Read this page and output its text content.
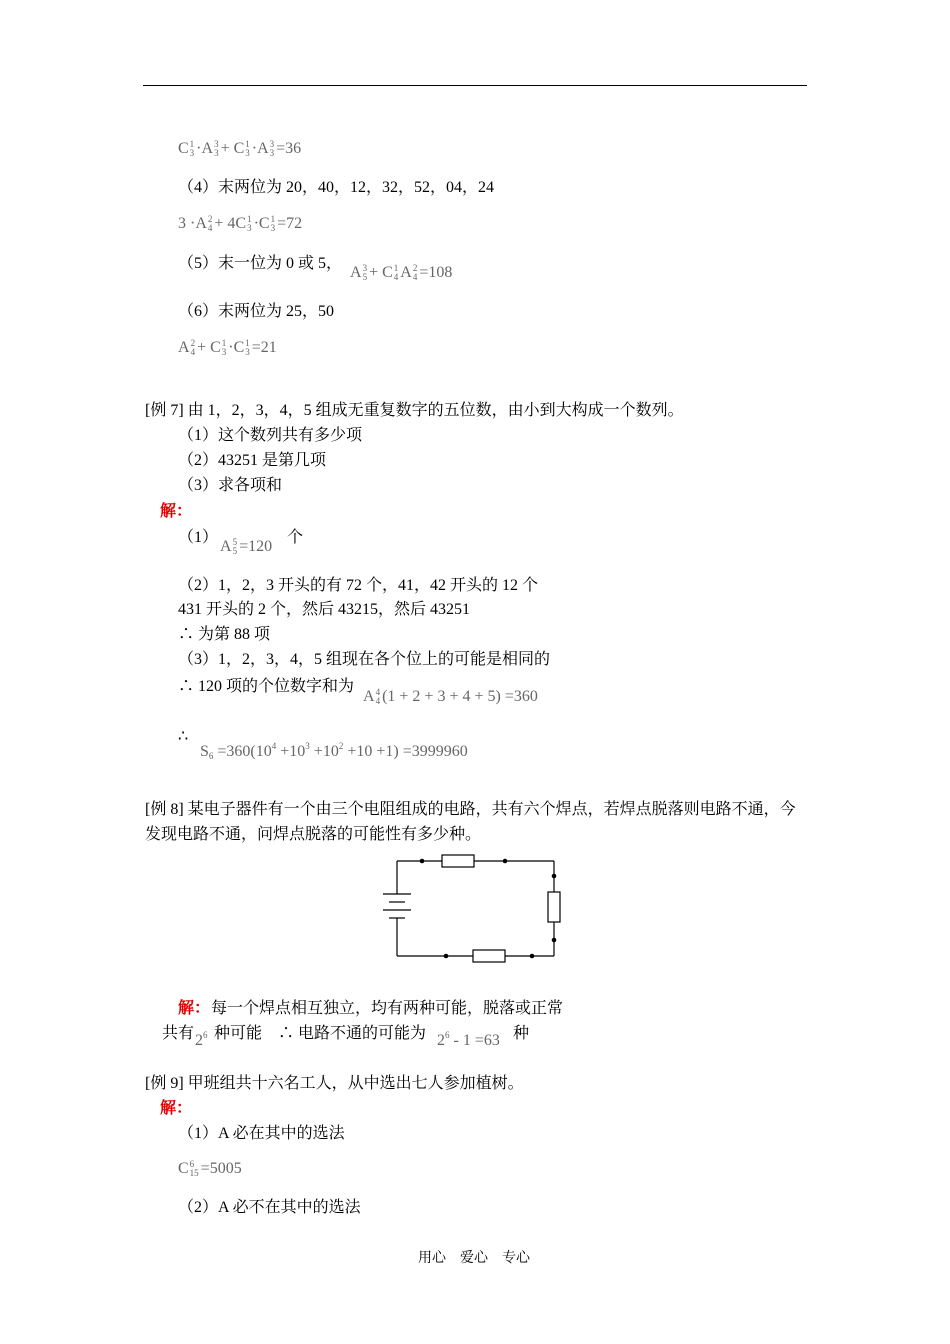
C 1
3 ·A 3
3 + C 1
3 ·A 3
3 =36
（4）末两位为 20，40，12，32，52，04，24
3 ·A 2
4 + 4C 1
3 ·C 1
3 =72
（5）末一位为 0 或 5，
A 3
5 + C 1
4 A 2
4 =108
（6）末两位为 25，50
A 2
4 + C 1
3 ·C 1
3 =21
[例 7] 由 1，2，3，4，5 组成无重复数字的五位数，由小到大构成一个数列。
（1）这个数列共有多少项
（2）43251 是第几项
（3）求各项和
解：
（1）
A 5
5 =120
个
（2）1，2，3 开头的有 72 个，41，42 开头的 12 个
431 开头的 2 个，然后 43215，然后 43251
∴ 为第 88 项
（3）1，2，3，4，5 组现在各个位上的可能是相同的
∴ 120 项的个位数字和为
A 4
4 (1 + 2 + 3 + 4 + 5) =360
∴
$S_6 =360(10^4 +10^3 +10^2 +10 +1) =3999960$
[例 8] 某电子器件有一个由三个电阻组成的电路，共有六个焊点，若焊点脱落则电路不通，今
发现电路不通，问焊点脱落的可能性有多少种。
解： 每一个焊点相互独立，均有两种可能，脱落或正常
共有 $2^6$ 种可能　∴ 电路不通的可能为 $2^6 - 1 =63$ 种
[例 9] 甲班组共十六名工人，从中选出七人参加植树。
解：
（1）A 必在其中的选法
C 6
15 =5005
（2）A 必不在其中的选法
用心　爱心　专心
